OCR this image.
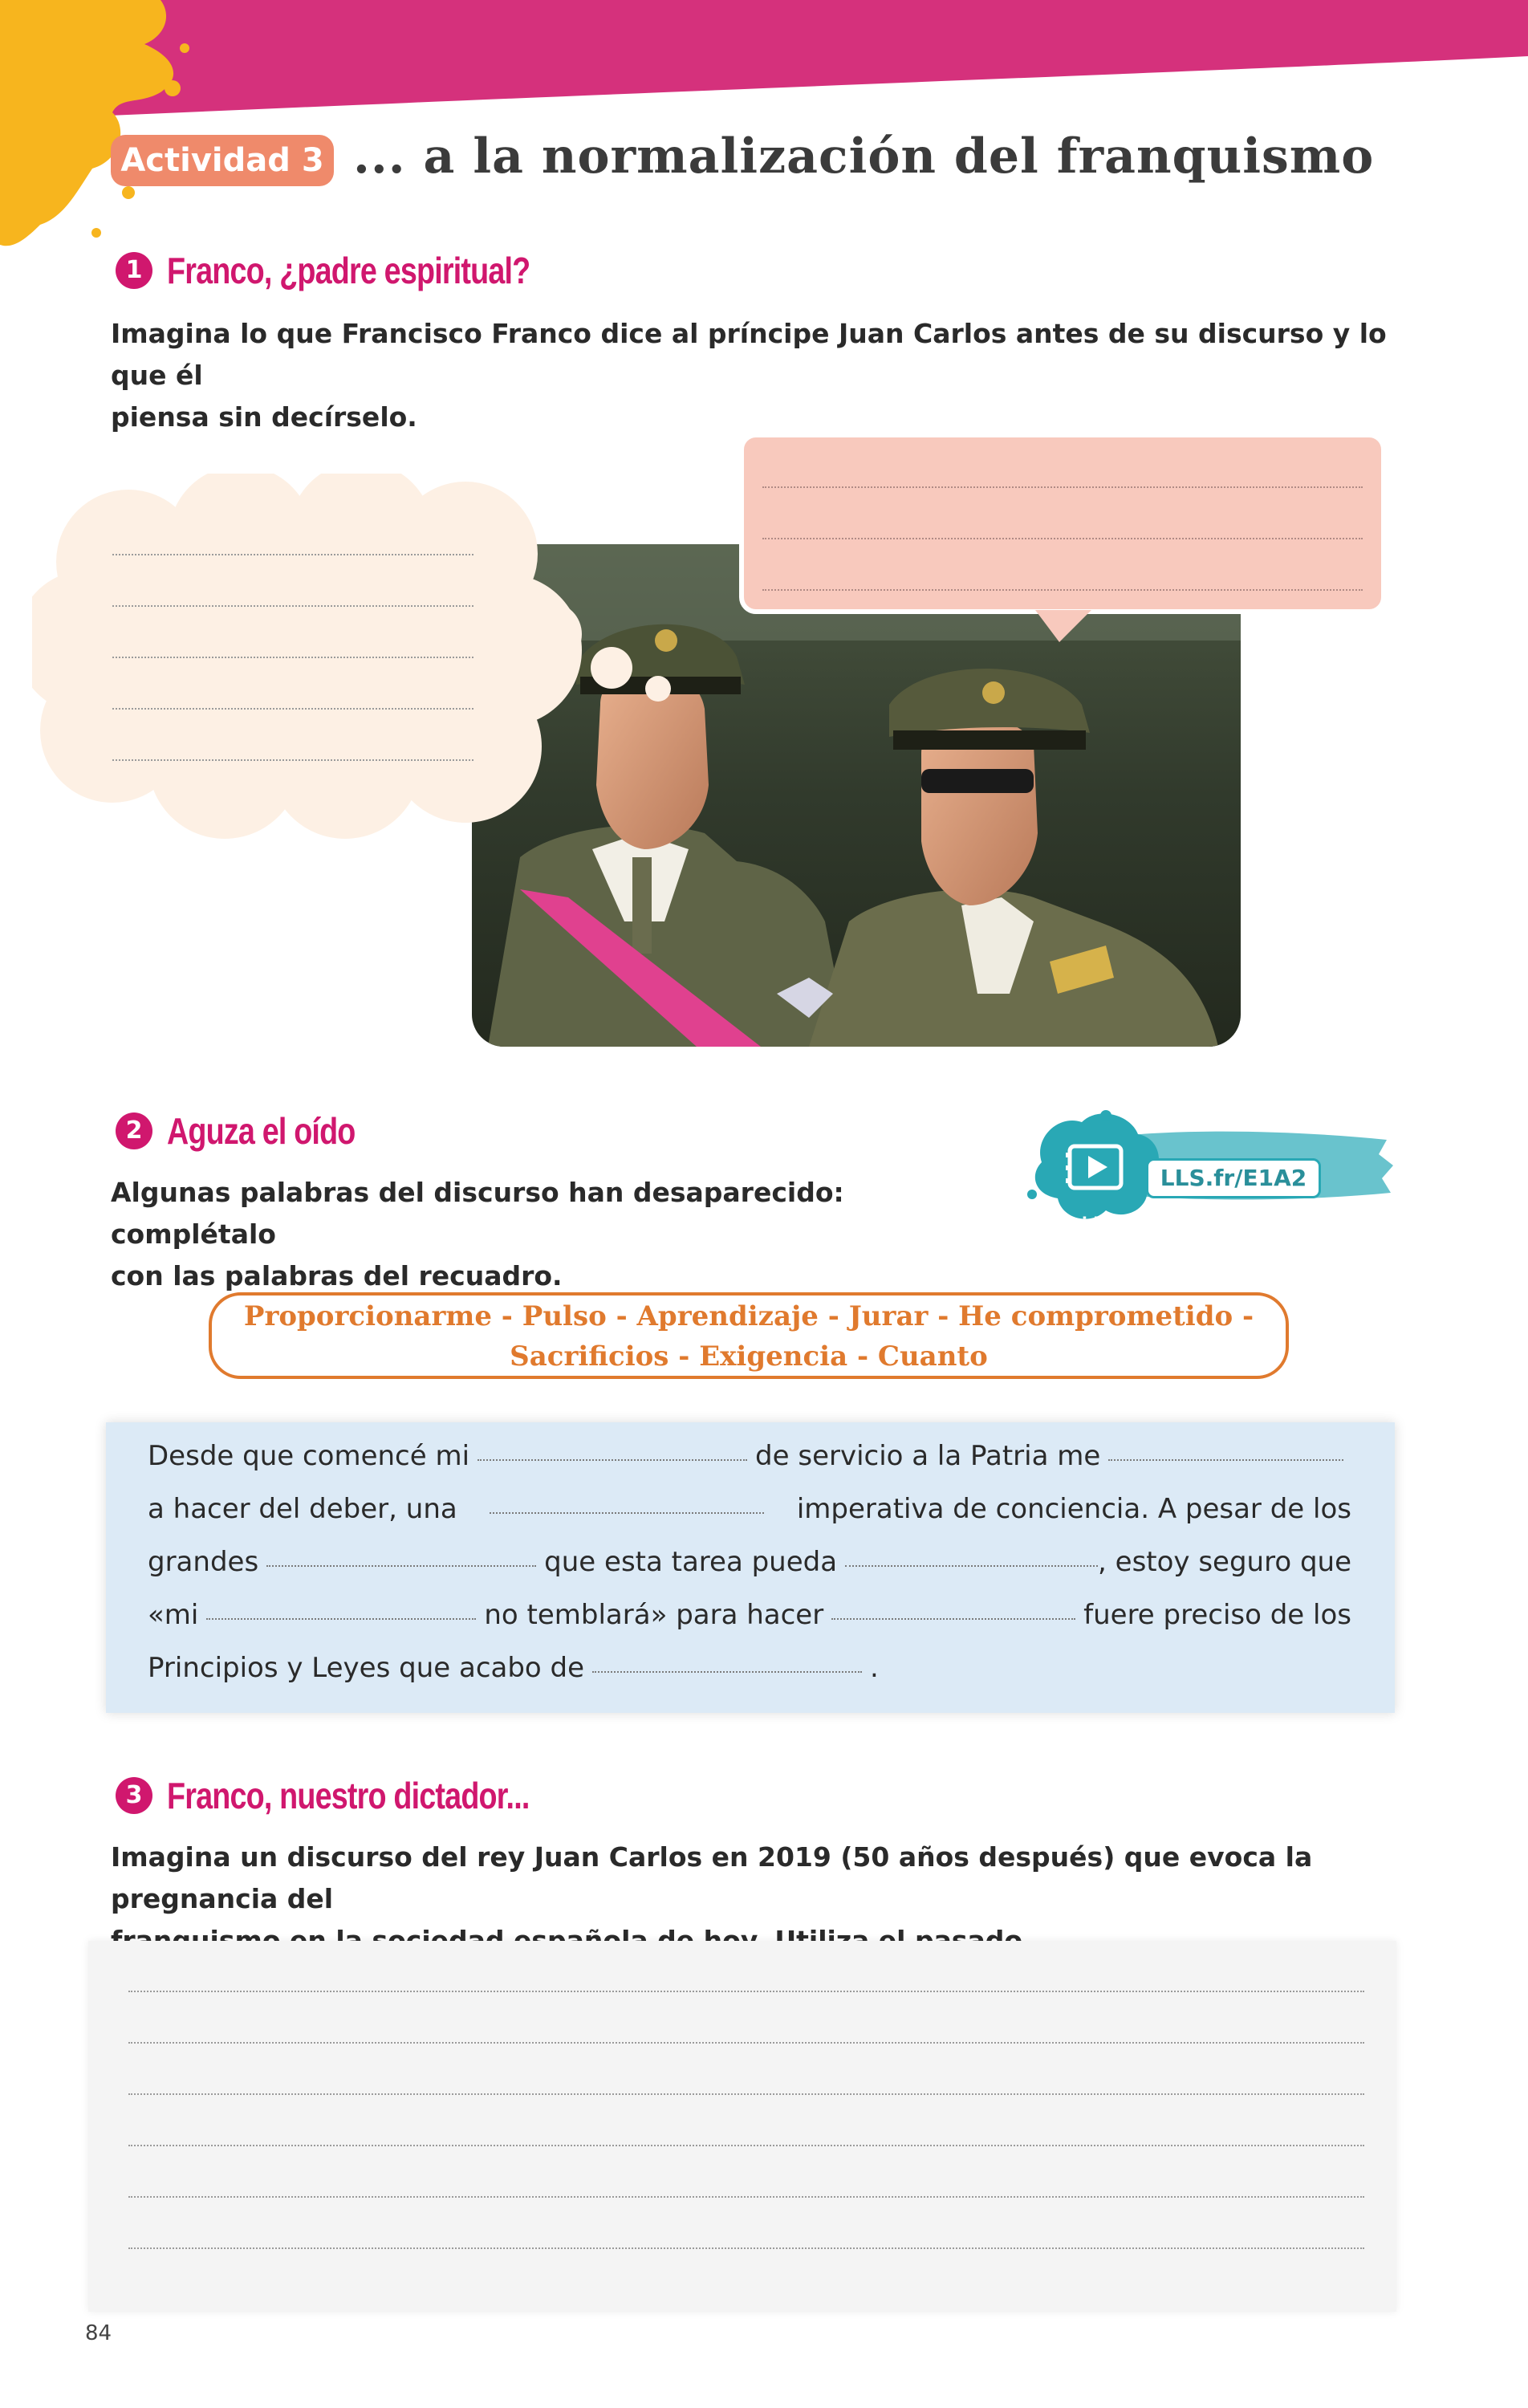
Actividad 3 ... a la normalización del franquismo
1 Franco, ¿padre espiritual?
Imagina lo que Francisco Franco dice al príncipe Juan Carlos antes de su discurso y lo que él
piensa sin decírselo.
2 Aguza el oído
Algunas palabras del discurso han desaparecido: complétalo
con las palabras del recuadro.
LLS.fr/E1A2
vidéo
Proporcionarme - Pulso - Aprendizaje - Jurar - He comprometido -
Sacrificios - Exigencia - Cuanto
Desde que comencé mi	de servicio a la Patria me
a hacer del deber, una	imperativa de conciencia. A pesar de los
grandes	que esta tarea pueda	, estoy seguro que
«mi	no temblará» para hacer	fuere preciso de los
Principios y Leyes que acabo de	.
3 Franco, nuestro dictador...
Imagina un discurso del rey Juan Carlos en 2019 (50 años después) que evoca la pregnancia del
84
